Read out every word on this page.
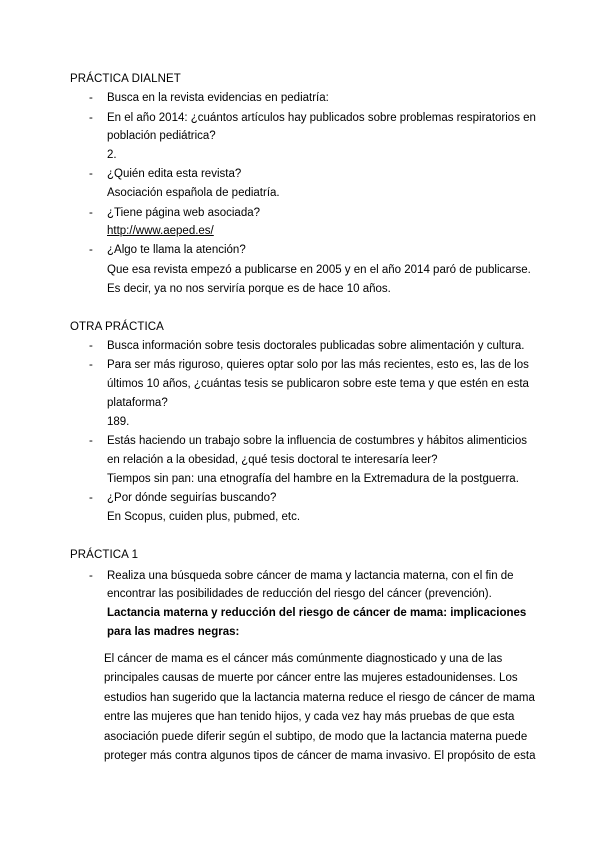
PRÁCTICA DIALNET
- Busca en la revista evidencias en pediatría:
- En el año 2014: ¿cuántos artículos hay publicados sobre problemas respiratorios en
población pediátrica?
2.
- ¿Quién edita esta revista?
Asociación española de pediatría.
- ¿Tiene página web asociada?
http://www.aeped.es/
- ¿Algo te llama la atención?
Que esa revista empezó a publicarse en 2005 y en el año 2014 paró de publicarse.
Es decir, ya no nos serviría porque es de hace 10 años.
OTRA PRÁCTICA
- Busca información sobre tesis doctorales publicadas sobre alimentación y cultura.
- Para ser más riguroso, quieres optar solo por las más recientes, esto es, las de los
últimos 10 años, ¿cuántas tesis se publicaron sobre este tema y que estén en esta
plataforma?
189.
- Estás haciendo un trabajo sobre la influencia de costumbres y hábitos alimenticios
en relación a la obesidad, ¿qué tesis doctoral te interesaría leer?
Tiempos sin pan: una etnografía del hambre en la Extremadura de la postguerra.
- ¿Por dónde seguirías buscando?
En Scopus, cuiden plus, pubmed, etc.
PRÁCTICA 1
- Realiza una búsqueda sobre cáncer de mama y lactancia materna, con el fin de
encontrar las posibilidades de reducción del riesgo del cáncer (prevención).
Lactancia materna y reducción del riesgo de cáncer de mama: implicaciones
para las madres negras:
El cáncer de mama es el cáncer más comúnmente diagnosticado y una de las
principales causas de muerte por cáncer entre las mujeres estadounidenses. Los
estudios han sugerido que la lactancia materna reduce el riesgo de cáncer de mama
entre las mujeres que han tenido hijos, y cada vez hay más pruebas de que esta
asociación puede diferir según el subtipo, de modo que la lactancia materna puede
proteger más contra algunos tipos de cáncer de mama invasivo. El propósito de esta
